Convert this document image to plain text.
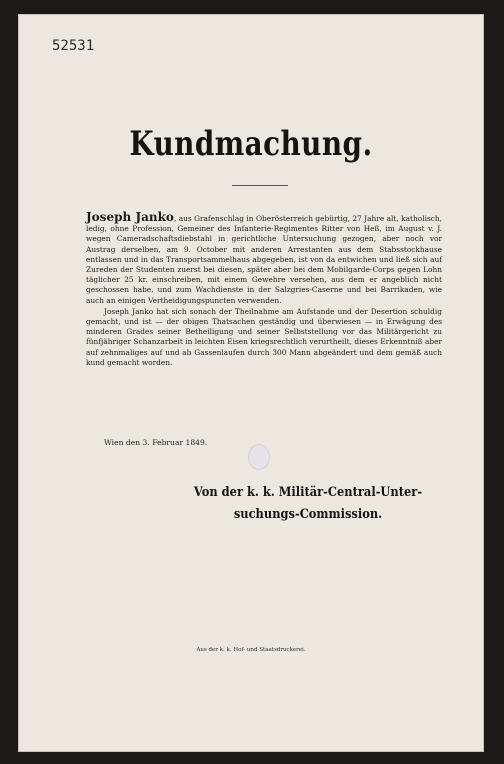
52531
Kundmachung.

Joseph Janko, aus Grafenschlag in Oberösterreich gebürtig, 27 Jahre alt, katholisch, ledig, ohne Profession, Gemeiner des Infanterie-Regimentes Ritter von Heß, im August v. J. wegen Cameradschaftsdiebstahl in gerichtliche Untersuchung gezogen, aber noch vor Austrag derselben, am 9. October mit anderen Arrestanten aus dem Stabsstockhause entlassen und in das Transportsammelhaus abgegeben, ist von da entwichen und ließ sich auf Zureden der Studenten zuerst bei diesen, später aber bei dem Mobilgarde-Corps gegen Lohn täglicher 25 kr. einschreiben, mit einem Gewehre versehen, aus dem er angeblich nicht geschossen habe, und zum Wachdienste in der Salzgries-Caserne und bei Barrikaden, wie auch an einigen Vertheidigungspuncten verwenden.

Joseph Janko hat sich sonach der Theilnahme am Aufstande und der Desertion schuldig gemacht, und ist — der obigen Thatsachen geständig und überwiesen — in Erwägung des minderen Grades seiner Betheiligung und seiner Selbststellung vor das Militärgericht zu fünfjähriger Schanzarbeit in leichten Eisen kriegsrechtlich verurtheilt, dieses Erkenntniß aber auf zehnmaliges auf und ab Gassenlaufen durch 300 Mann abgeändert und dem gemäß auch kund gemacht worden.

Wien den 3. Februar 1849.
Von der k. k. Militär-Central-Unter-
suchungs-Commission.
Aus der k. k. Hof- und Staatsdruckerei.
